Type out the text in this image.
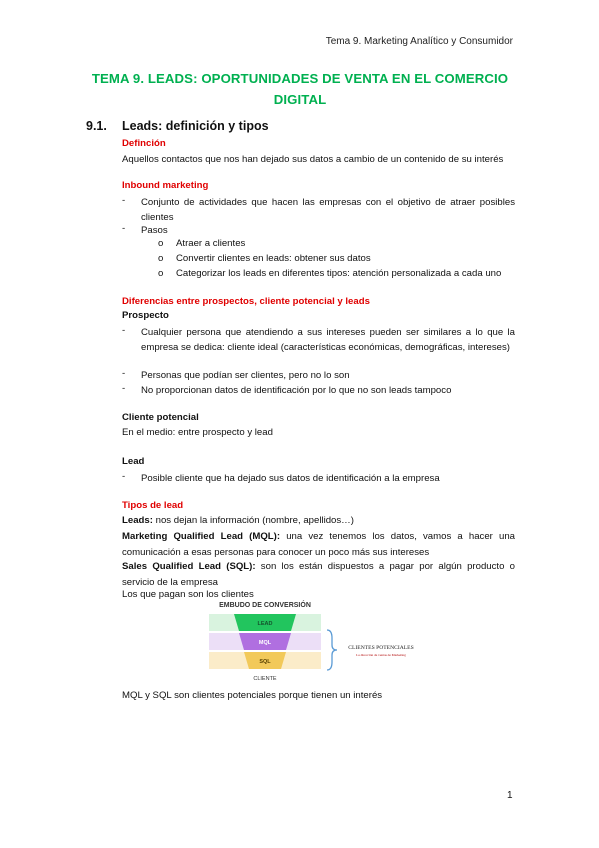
Tema 9. Marketing Analítico y Consumidor
TEMA 9. LEADS: OPORTUNIDADES DE VENTA EN EL COMERCIO
DIGITAL
9.1. Leads: definición y tipos
Definción
Aquellos contactos que nos han dejado sus datos a cambio de un contenido de su interés
Inbound marketing
- Conjunto de actividades que hacen las empresas con el objetivo de atraer posibles clientes
- Pasos
o Atraer a clientes
o Convertir clientes en leads: obtener sus datos
o Categorizar los leads en diferentes tipos: atención personalizada a cada uno
Diferencias entre prospectos, cliente potencial y leads
Prospecto
- Cualquier persona que atendiendo a sus intereses pueden ser similares a lo que la empresa se dedica: cliente ideal (características económicas, demográficas, intereses)
- Personas que podían ser clientes, pero no lo son
- No proporcionan datos de identificación por lo que no son leads tampoco
Cliente potencial
En el medio: entre prospecto y lead
Lead
- Posible cliente que ha dejado sus datos de identificación a la empresa
Tipos de lead
Leads: nos dejan la información (nombre, apellidos…)
Marketing Qualified Lead (MQL): una vez tenemos los datos, vamos a hacer una comunicación a esas personas para conocer un poco más sus intereses
Sales Qualified Lead (SQL): son los están dispuestos a pagar por algún producto o servicio de la empresa
Los que pagan son los clientes
EMBUDO DE CONVERSIÓN
LEAD
MQL
SQL
CLIENTE
CLIENTES POTENCIALES
La dirección de ventas de Marketing
MQL y SQL son clientes potenciales porque tienen un interés
1
